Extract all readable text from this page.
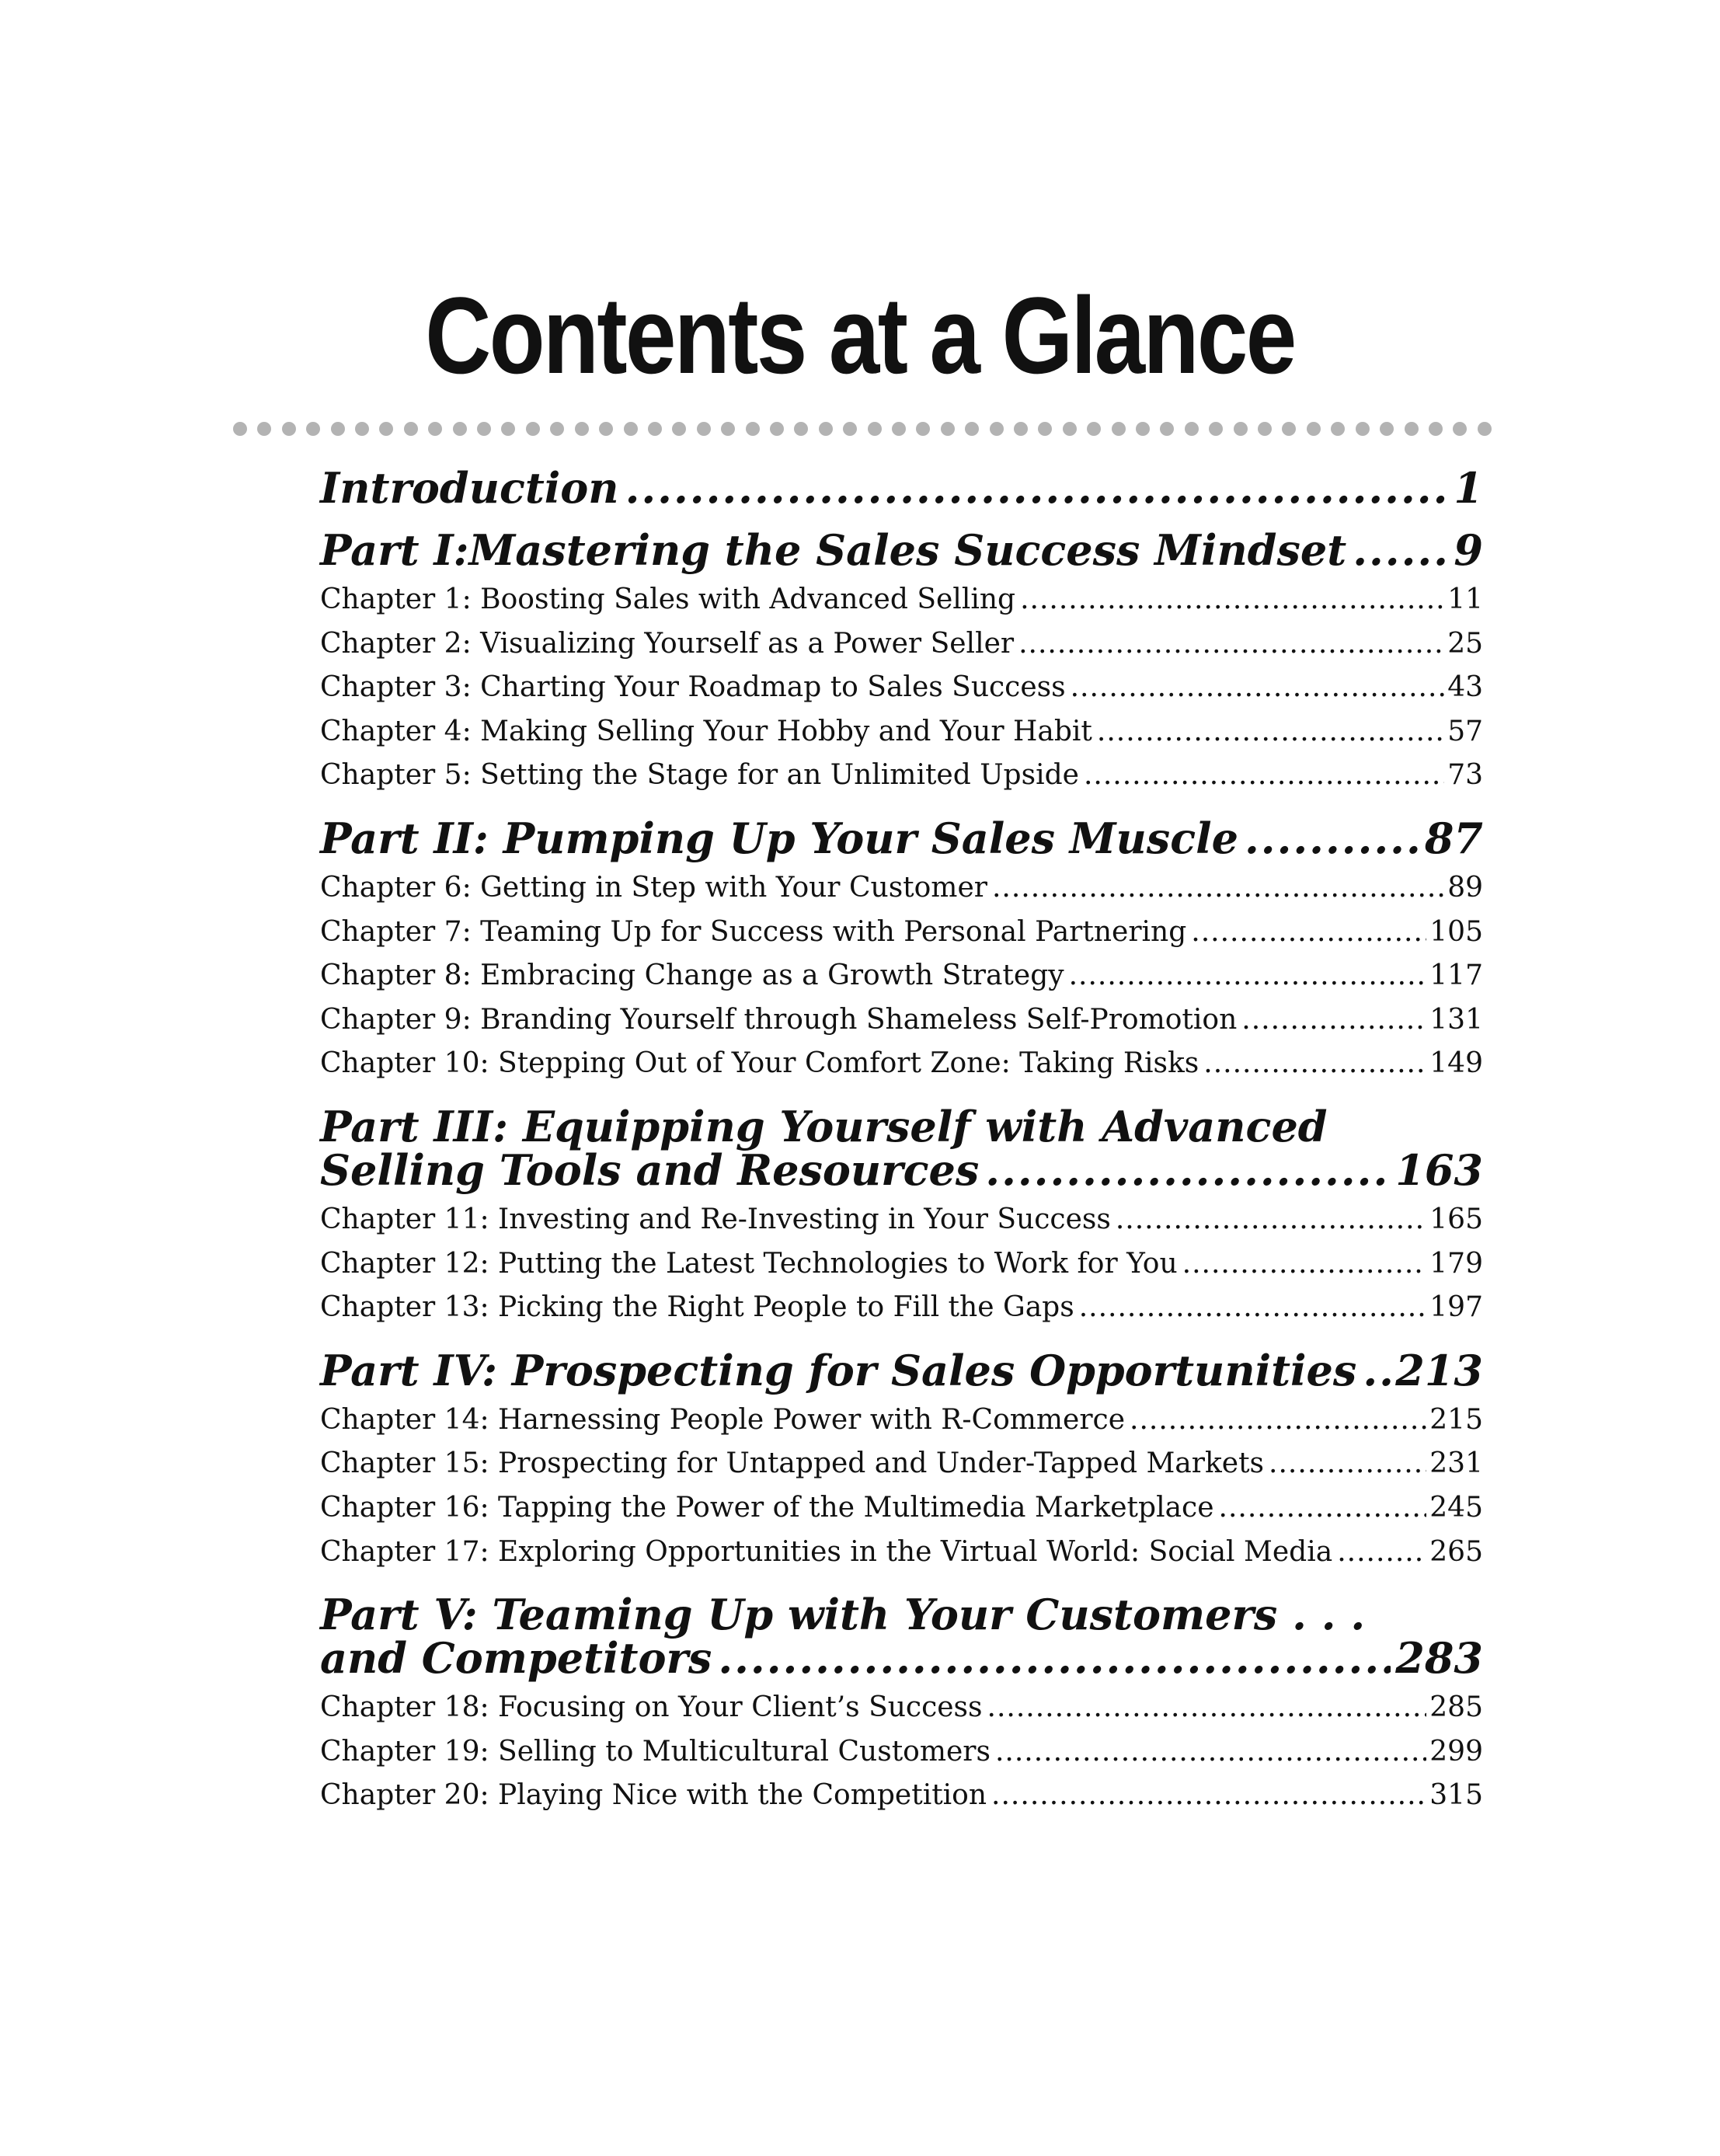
Contents at a Glance
Introduction .....	1
Part I:Mastering the Sales Success Mindset .....	9
Chapter 1: Boosting Sales with Advanced Selling .....	11
Chapter 2: Visualizing Yourself as a Power Seller .....	25
Chapter 3: Charting Your Roadmap to Sales Success .....	43
Chapter 4: Making Selling Your Hobby and Your Habit .....	57
Chapter 5: Setting the Stage for an Unlimited Upside .....	73
Part II: Pumping Up Your Sales Muscle .....	87
Chapter 6: Getting in Step with Your Customer .....	89
Chapter 7: Teaming Up for Success with Personal Partnering .....	105
Chapter 8: Embracing Change as a Growth Strategy .....	117
Chapter 9: Branding Yourself through Shameless Self-Promotion .....	131
Chapter 10: Stepping Out of Your Comfort Zone: Taking Risks .....	149
Part III: Equipping Yourself with Advanced
Selling Tools and Resources .....	163
Chapter 11: Investing and Re-Investing in Your Success .....	165
Chapter 12: Putting the Latest Technologies to Work for You .....	179
Chapter 13: Picking the Right People to Fill the Gaps .....	197
Part IV: Prospecting for Sales Opportunities ..... 213
Chapter 14: Harnessing People Power with R-Commerce .....	215
Chapter 15: Prospecting for Untapped and Under-Tapped Markets .....	231
Chapter 16: Tapping the Power of the Multimedia Marketplace .....	245
Chapter 17: Exploring Opportunities in the Virtual World: Social Media .....	265
Part V: Teaming Up with Your Customers . . .
and Competitors .....	283
Chapter 18: Focusing on Your Client’s Success .....	285
Chapter 19: Selling to Multicultural Customers .....	299
Chapter 20: Playing Nice with the Competition .....	315
